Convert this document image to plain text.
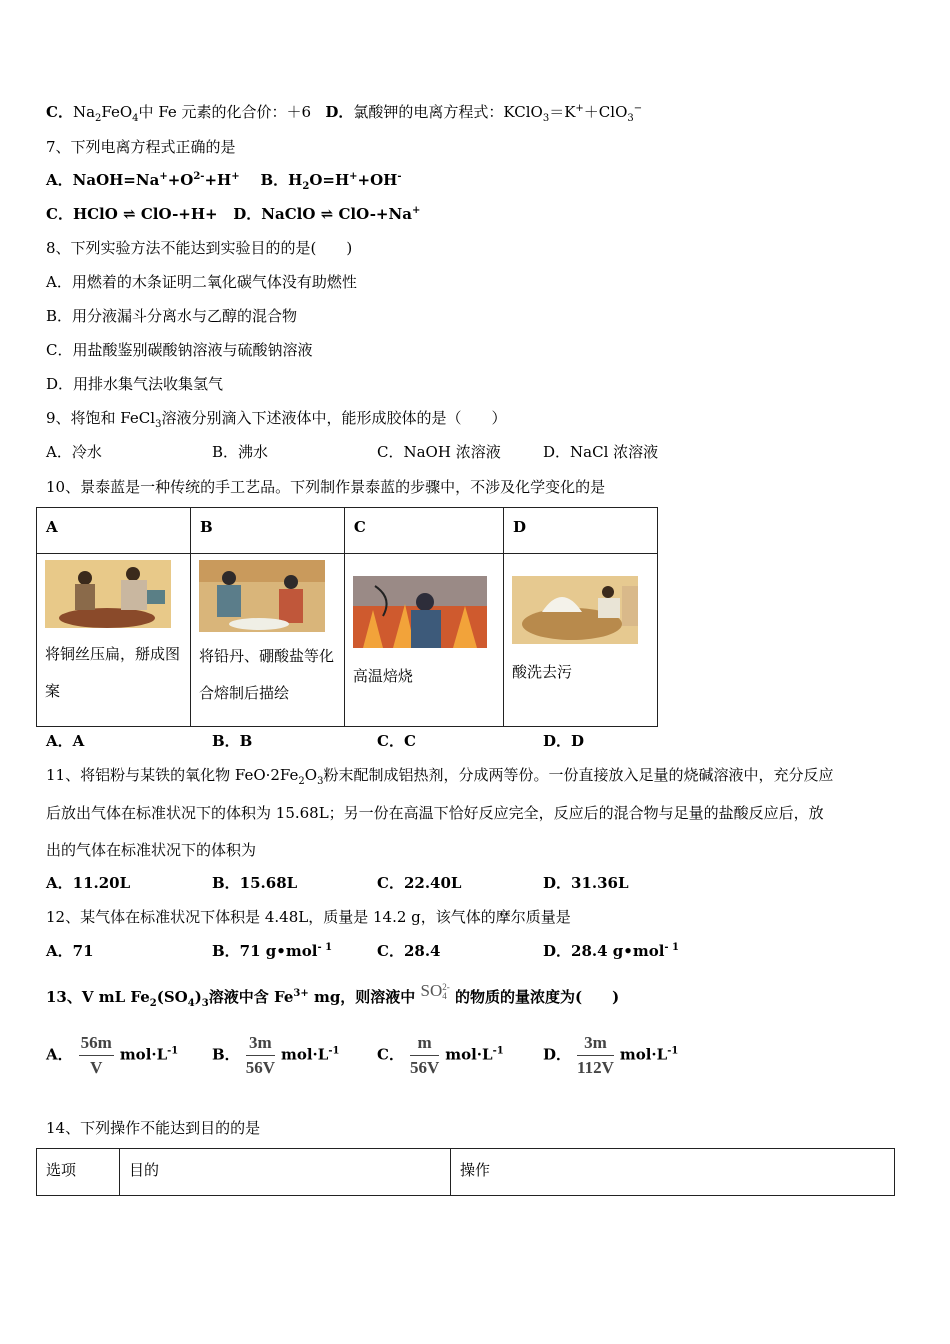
C．$Na_2FeO_4$中 Fe 元素的化合价：＋6 D．氯酸钾的电离方程式：KClO$_3$＝K+＋ClO$_3$−
7、下列电离方程式正确的是
A．$NaOH=Na^++O^{2-}+H^+$ B．$H_2O=H^++OH^-$
C．HClO ⇌ ClO-+H+ D．NaClO ⇌ ClO-+Na+
8、下列实验方法不能达到实验目的的是(　　)
A．用燃着的木条证明二氧化碳气体没有助燃性
B．用分液漏斗分离水与乙醇的混合物
C．用盐酸鉴别碳酸钠溶液与硫酸钠溶液
D．用排水集气法收集氢气
9、将饱和 FeCl$_3$溶液分别滴入下述液体中，能形成胶体的是（　　）
A．冷水	B．沸水	C．NaOH 浓溶液	D．NaCl 浓溶液
10、景泰蓝是一种传统的手工艺品。下列制作景泰蓝的步骤中，不涉及化学变化的是
A	B	C	D

将铜丝压扁，掰成图案	将铅丹、硼酸盐等化合熔制后描绘	高温焙烧	酸洗去污
A．A	B．B	C．C	D．D
11、将铝粉与某铁的氧化物 $FeO\cdot 2Fe_2O_3$粉末配制成铝热剂，分成两等份。一份直接放入足量的烧碱溶液中，充分反应
后放出气体在标准状况下的体积为 15.68L；另一份在高温下恰好反应完全，反应后的混合物与足量的盐酸反应后，放
出的气体在标准状况下的体积为
A．11.20L	B．15.68L	C．22.40L	D．31.36L
12、某气体在标准状况下体积是 4.48L，质量是 14.2 g，该气体的摩尔质量是
A．71	B．71 g•mol$^{- 1}$	C．28.4	D．28.4 g•mol$^{- 1}$
13、V mL $Fe_2(SO_4)_3$溶液中含 $Fe^{3+}$ mg，则溶液中 SO 2-
4 的物质的量浓度为(　　)
A． $\frac{56m}{V} mol\cdot L^{-1}$ B． $\frac{3m}{56V} mol\cdot L^{-1}$	C． $\frac{m}{56V} mol\cdot L^{-1}$	D． $\frac{3m}{112V} mol\cdot L^{-1}$
14、下列操作不能达到目的的是
选项	目的	操作
